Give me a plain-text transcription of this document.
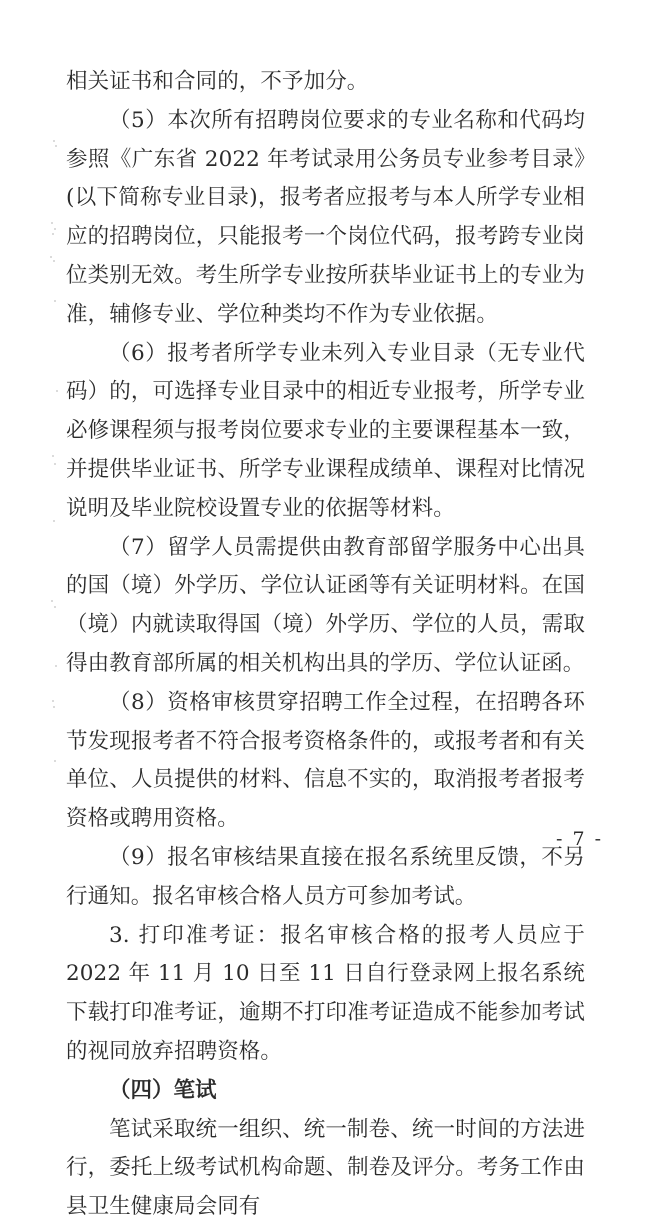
相关证书和合同的，不予加分。

（5）本次所有招聘岗位要求的专业名称和代码均参照《广东省 2022 年考试录用公务员专业参考目录》(以下简称专业目录)，报考者应报考与本人所学专业相应的招聘岗位，只能报考一个岗位代码，报考跨专业岗位类别无效。考生所学专业按所获毕业证书上的专业为准，辅修专业、学位种类均不作为专业依据。

（6）报考者所学专业未列入专业目录（无专业代码）的，可选择专业目录中的相近专业报考，所学专业必修课程须与报考岗位要求专业的主要课程基本一致，并提供毕业证书、所学专业课程成绩单、课程对比情况说明及毕业院校设置专业的依据等材料。

（7）留学人员需提供由教育部留学服务中心出具的国（境）外学历、学位认证函等有关证明材料。在国（境）内就读取得国（境）外学历、学位的人员，需取得由教育部所属的相关机构出具的学历、学位认证函。

（8）资格审核贯穿招聘工作全过程，在招聘各环节发现报考者不符合报考资格条件的，或报考者和有关单位、人员提供的材料、信息不实的，取消报考者报考资格或聘用资格。

（9）报名审核结果直接在报名系统里反馈，不另行通知。报名审核合格人员方可参加考试。

3. 打印准考证：报名审核合格的报考人员应于 2022 年 11 月 10 日至 11 日自行登录网上报名系统下载打印准考证，逾期不打印准考证造成不能参加考试的视同放弃招聘资格。

（四）笔试

笔试采取统一组织、统一制卷、统一时间的方法进行，委托上级考试机构命题、制卷及评分。考务工作由县卫生健康局会同有

- 7 -
